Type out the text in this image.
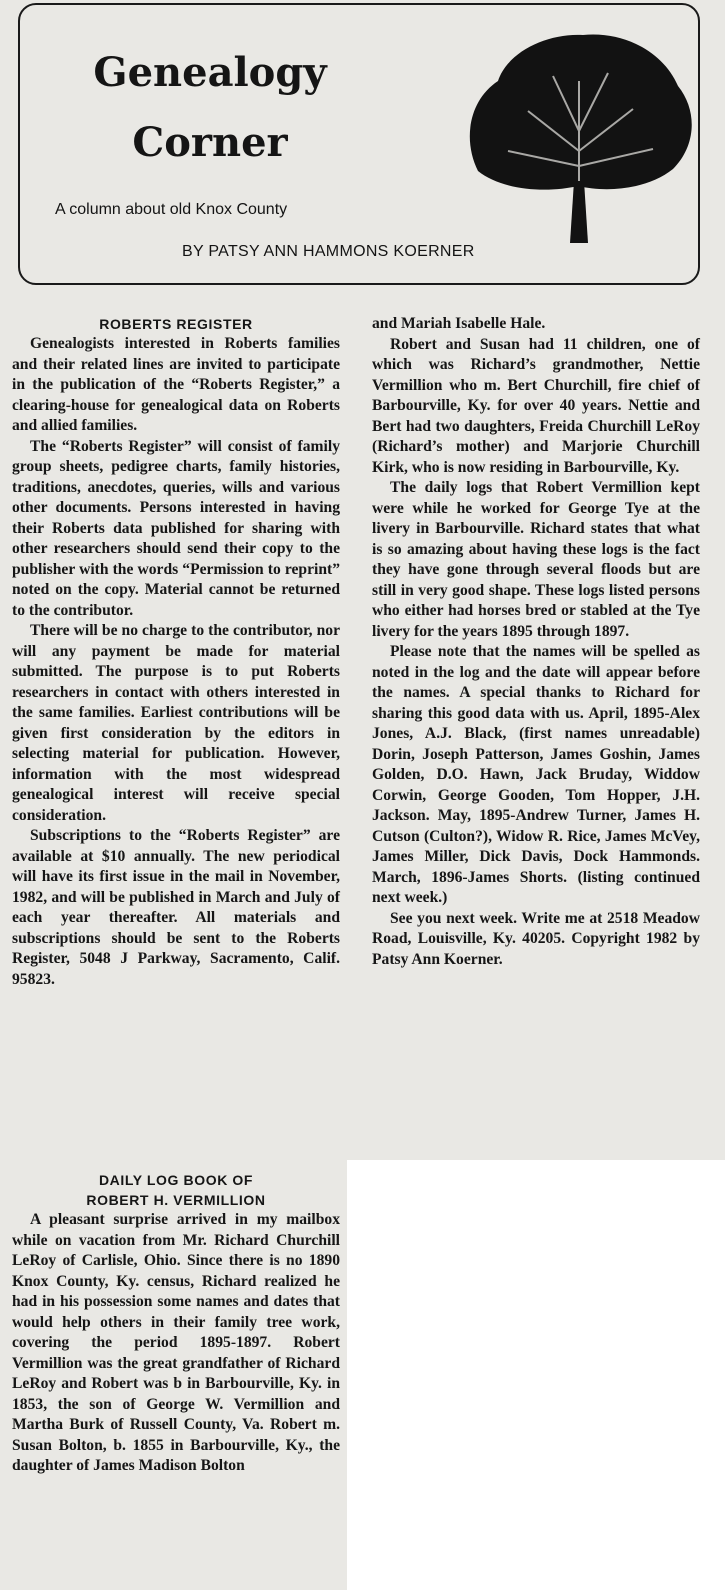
Genealogy
Corner
A column about old Knox County
BY PATSY ANN HAMMONS KOERNER
ROBERTS REGISTER

Genealogists interested in Roberts families and their related lines are invited to participate in the publication of the “Roberts Register,” a clearing-house for genealogical data on Roberts and allied families.

The “Roberts Register” will consist of family group sheets, pedigree charts, family histories, traditions, anecdotes, queries, wills and various other documents. Persons interested in having their Roberts data published for sharing with other researchers should send their copy to the publisher with the words “Permission to reprint” noted on the copy. Material cannot be returned to the contributor.

There will be no charge to the contributor, nor will any payment be made for material submitted. The purpose is to put Roberts researchers in contact with others interested in the same families. Earliest contributions will be given first consideration by the editors in selecting material for publication. However, information with the most widespread genealogical interest will receive special consideration.

Subscriptions to the “Roberts Register” are available at $10 annually. The new periodical will have its first issue in the mail in November, 1982, and will be published in March and July of each year thereafter. All materials and subscriptions should be sent to the Roberts Register, 5048 J Parkway, Sacramento, Calif. 95823.

DAILY LOG BOOK OF
ROBERT H. VERMILLION

A pleasant surprise arrived in my mailbox while on vacation from Mr. Richard Churchill LeRoy of Carlisle, Ohio. Since there is no 1890 Knox County, Ky. census, Richard realized he had in his possession some names and dates that would help others in their family tree work, covering the period 1895-1897. Robert Vermillion was the great grandfather of Richard LeRoy and Robert was b in Barbourville, Ky. in 1853, the son of George W. Vermillion and Martha Burk of Russell County, Va. Robert m. Susan Bolton, b. 1855 in Barbourville, Ky., the daughter of James Madison Bolton

and Mariah Isabelle Hale.

Robert and Susan had 11 children, one of which was Richard’s grandmother, Nettie Vermillion who m. Bert Churchill, fire chief of Barbourville, Ky. for over 40 years. Nettie and Bert had two daughters, Freida Churchill LeRoy (Richard’s mother) and Marjorie Churchill Kirk, who is now residing in Barbourville, Ky.

The daily logs that Robert Vermillion kept were while he worked for George Tye at the livery in Barbourville. Richard states that what is so amazing about having these logs is the fact they have gone through several floods but are still in very good shape. These logs listed persons who either had horses bred or stabled at the Tye livery for the years 1895 through 1897.

Please note that the names will be spelled as noted in the log and the date will appear before the names. A special thanks to Richard for sharing this good data with us. April, 1895-Alex Jones, A.J. Black, (first names unreadable) Dorin, Joseph Patterson, James Goshin, James Golden, D.O. Hawn, Jack Bruday, Widdow Corwin, George Gooden, Tom Hopper, J.H. Jackson. May, 1895-Andrew Turner, James H. Cutson (Culton?), Widow R. Rice, James McVey, James Miller, Dick Davis, Dock Hammonds. March, 1896-James Shorts. (listing continued next week.)

See you next week. Write me at 2518 Meadow Road, Louisville, Ky. 40205. Copyright 1982 by Patsy Ann Koerner.
